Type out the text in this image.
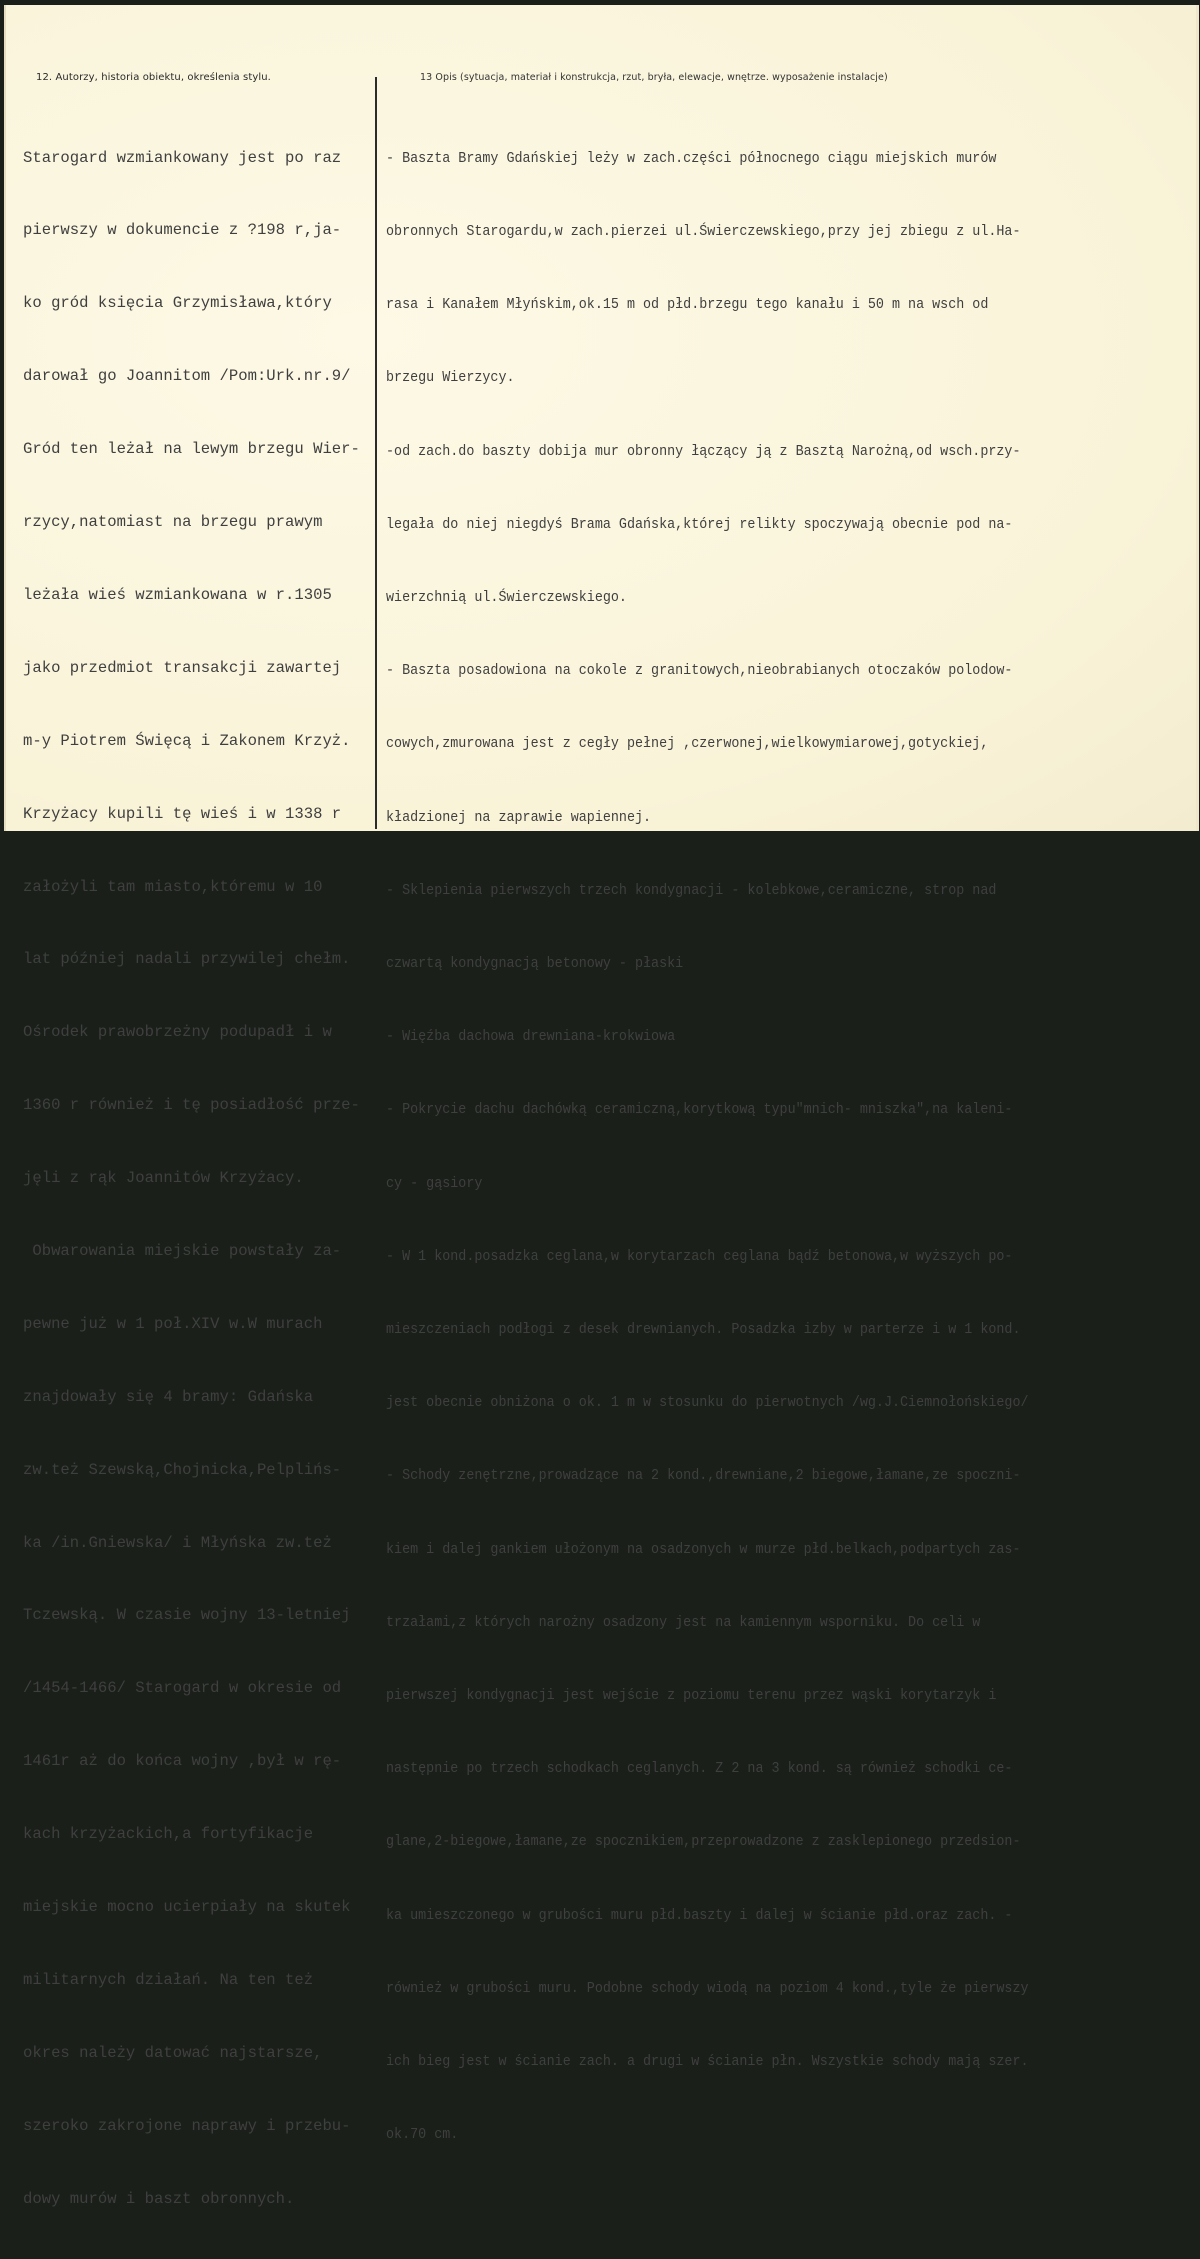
12. Autorzy, historia obiektu, określenia stylu.	13 Opis (sytuacja, materiał i konstrukcja, rzut, bryła, elewacje, wnętrze. wyposażenie instalacje)

Starogard wzmiankowany jest po raz

pierwszy w dokumencie z ?198 r,ja-

ko gród księcia Grzymisława,który

darował go Joannitom /Pom:Urk.nr.9/

Gród ten leżał na lewym brzegu Wier-

rzycy,natomiast na brzegu prawym

leżała wieś wzmiankowana w r.1305

jako przedmiot transakcji zawartej

m-y Piotrem Święcą i Zakonem Krzyż.

Krzyżacy kupili tę wieś i w 1338 r

założyli tam miasto,któremu w 10

lat później nadali przywilej chełm.

Ośrodek prawobrzeżny podupadł i w

1360 r również i tę posiadłość prze-

jęli z rąk Joannitów Krzyżacy.

Obwarowania miejskie powstały za-

pewne już w 1 poł.XIV w.W murach

znajdowały się 4 bramy: Gdańska

zw.też Szewską,Chojnicka,Pelplińs-

ka /in.Gniewska/ i Młyńska zw.też

Tczewską. W czasie wojny 13-letniej

/1454-1466/ Starogard w okresie od

1461r aż do końca wojny ,był w rę-

kach krzyżackich,a fortyfikacje

miejskie mocno ucierpiały na skutek

militarnych działań. Na ten też

okres należy datować najstarsze,

szeroko zakrojone naprawy i przebu-

dowy murów i baszt obronnych.

- Baszta Bramy Gdańskiej leży w zach.części północnego ciągu miejskich murów

obronnych Starogardu,w zach.pierzei ul.Świerczewskiego,przy jej zbiegu z ul.Ha-

rasa i Kanałem Młyńskim,ok.15 m od płd.brzegu tego kanału i 50 m na wsch od

brzegu Wierzycy.

-od zach.do baszty dobija mur obronny łączący ją z Basztą Narożną,od wsch.przy-

legała do niej niegdyś Brama Gdańska,której relikty spoczywają obecnie pod na-

wierzchnią ul.Świerczewskiego.

- Baszta posadowiona na cokole z granitowych,nieobrabianych otoczaków polodow-

cowych,zmurowana jest z cegły pełnej ,czerwonej,wielkowymiarowej,gotyckiej,

kładzionej na zaprawie wapiennej.

- Sklepienia pierwszych trzech kondygnacji - kolebkowe,ceramiczne, strop nad

czwartą kondygnacją betonowy - płaski

- Więźba dachowa drewniana-krokwiowa

- Pokrycie dachu dachówką ceramiczną,korytkową typu"mnich- mniszka",na kaleni-

cy - gąsiory

- W 1 kond.posadzka ceglana,w korytarzach ceglana bądź betonowa,w wyższych po-

mieszczeniach podłogi z desek drewnianych. Posadzka izby w parterze i w 1 kond.

jest obecnie obniżona o ok. 1 m w stosunku do pierwotnych /wg.J.Ciemnołońskiego/

- Schody zenętrzne,prowadzące na 2 kond.,drewniane,2 biegowe,łamane,ze spoczni-

kiem i dalej gankiem ułożonym na osadzonych w murze płd.belkach,podpartych zas-

trzałami,z których narożny osadzony jest na kamiennym wsporniku. Do celi w

pierwszej kondygnacji jest wejście z poziomu terenu przez wąski korytarzyk i

następnie po trzech schodkach ceglanych. Z 2 na 3 kond. są również schodki ce-

glane,2-biegowe,łamane,ze spocznikiem,przeprowadzone z zasklepionego przedsion-

ka umieszczonego w grubości muru płd.baszty i dalej w ścianie płd.oraz zach. -

również w grubości muru. Podobne schody wiodą na poziom 4 kond.,tyle że pierwszy

ich bieg jest w ścianie zach. a drugi w ścianie płn. Wszystkie schody mają szer.

ok.70 cm.
